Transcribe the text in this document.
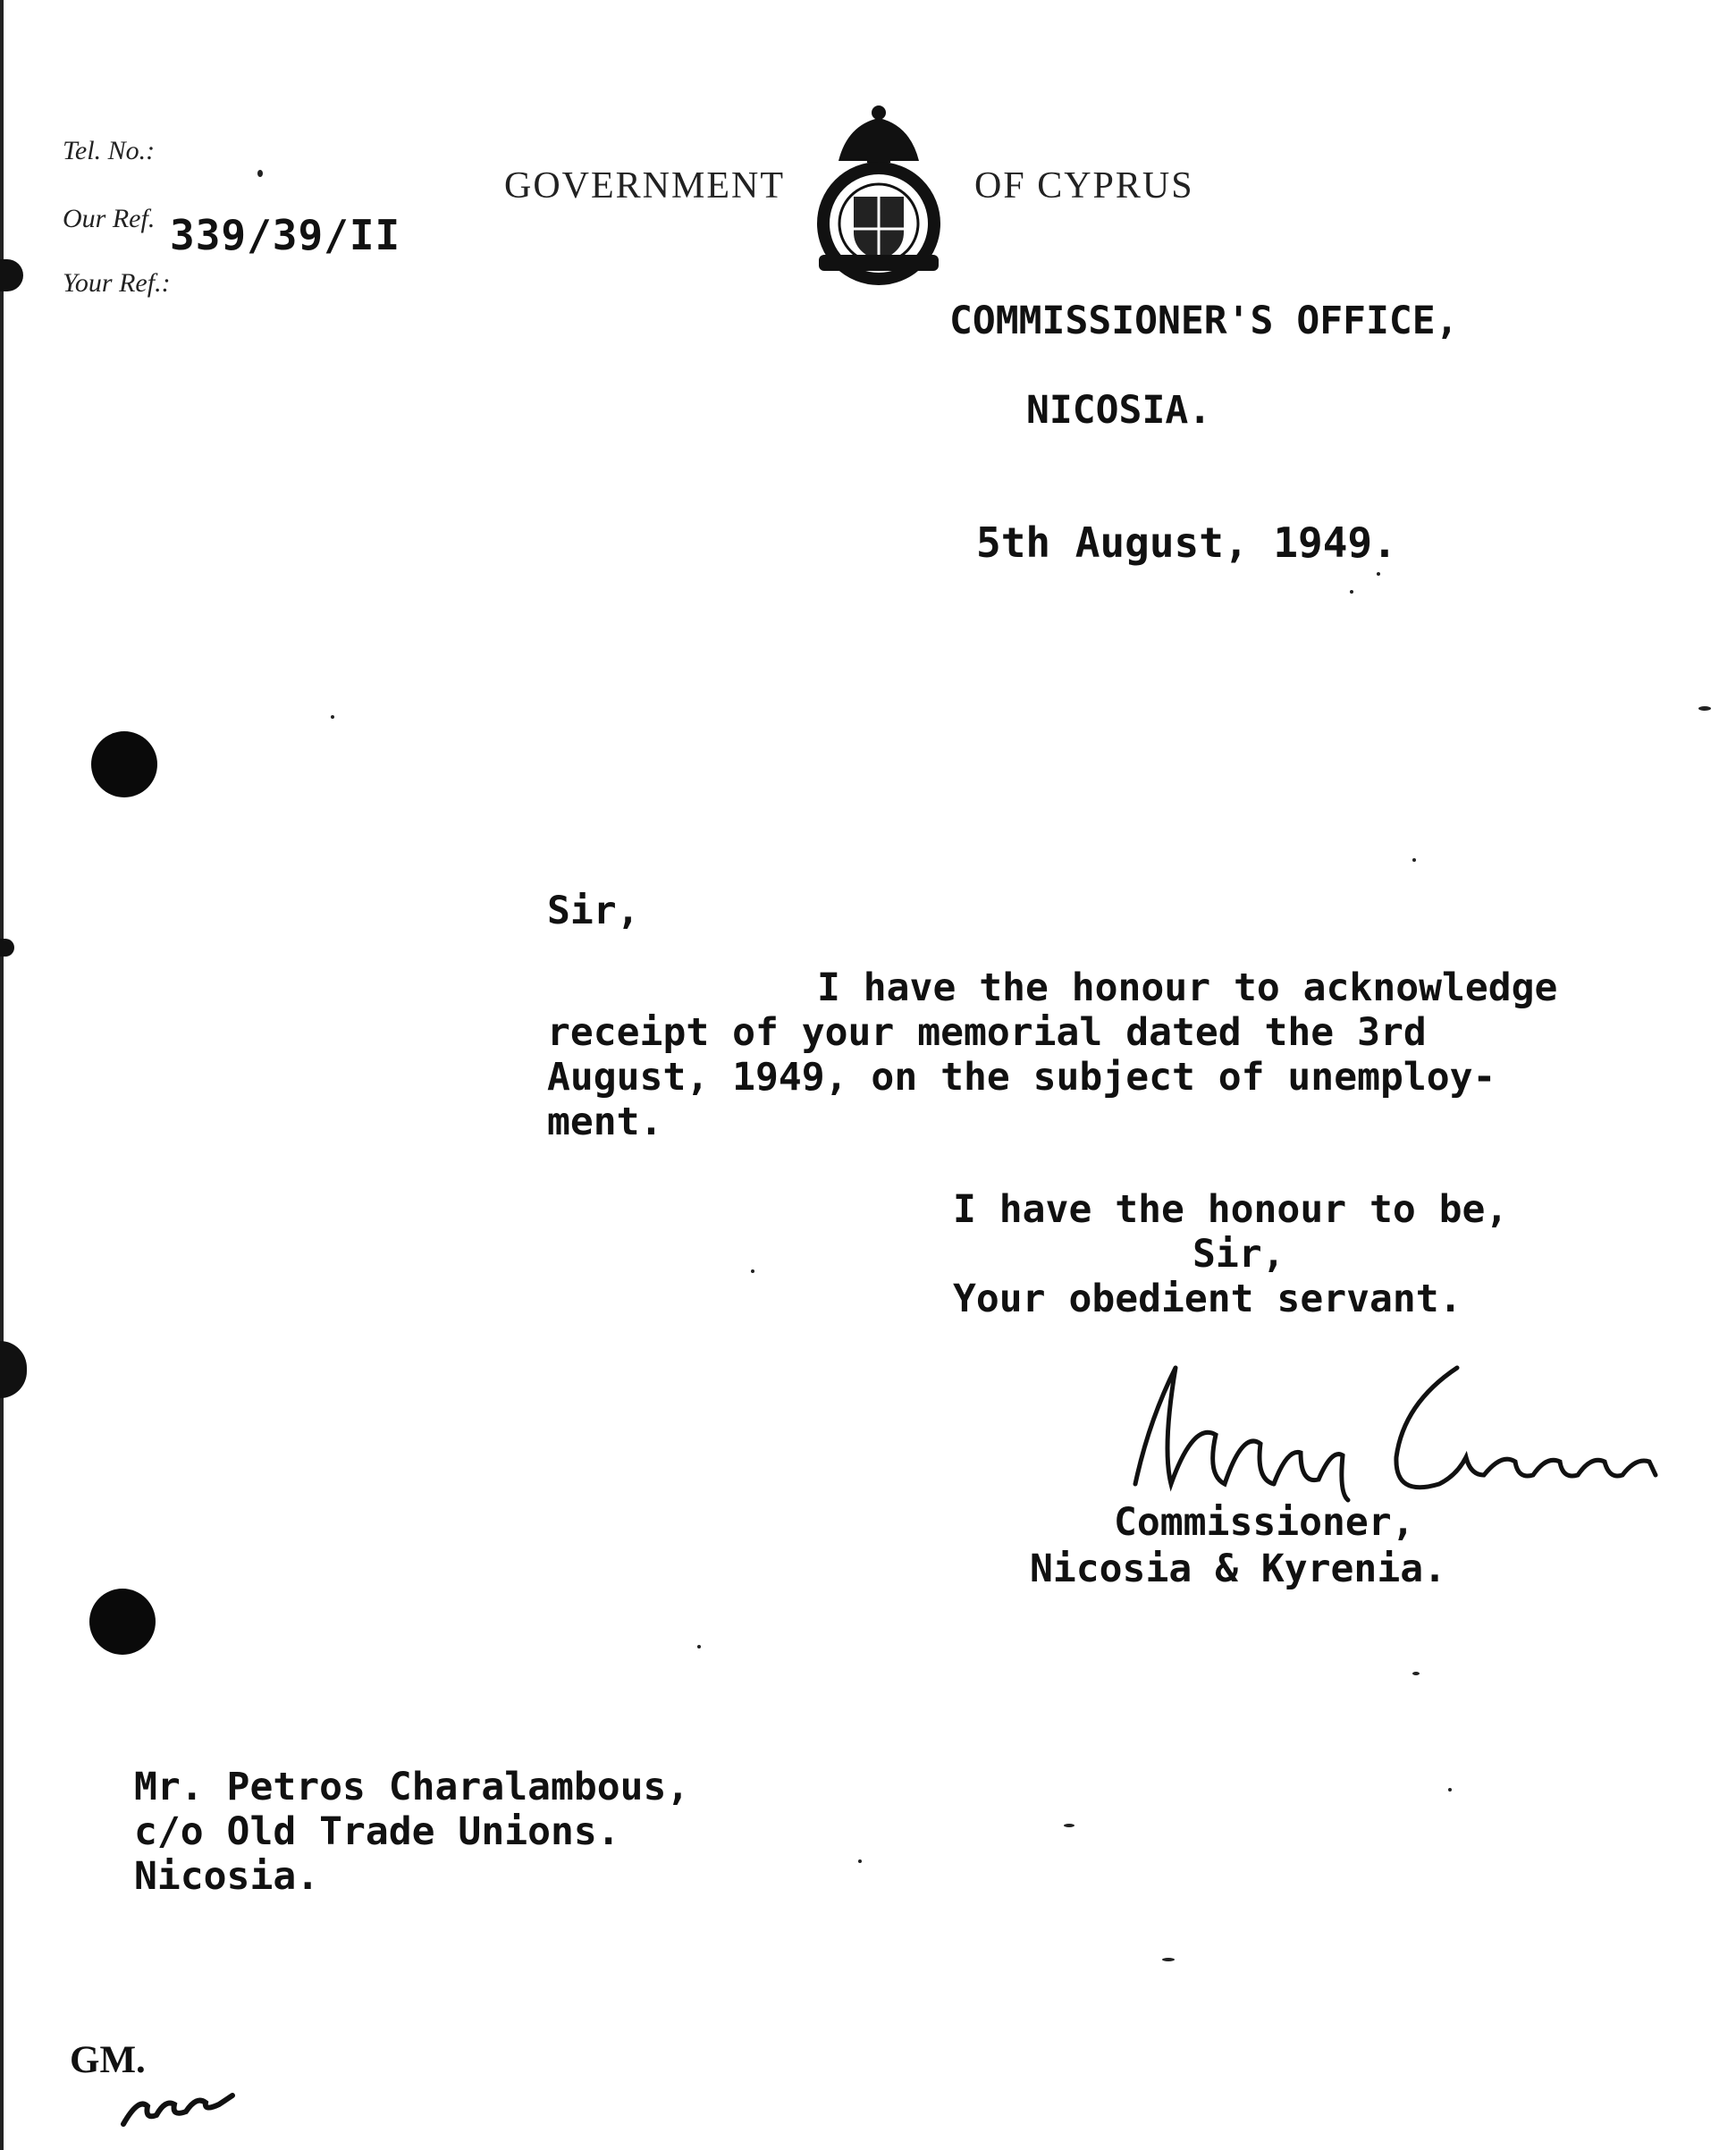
Tel. No.:
Our Ref. 339/39/II
Your Ref.:
GOVERNMENT	OF CYPRUS
COMMISSIONER'S OFFICE,
NICOSIA.
5th August, 1949.
Sir,
I have the honour to acknowledge
receipt of your memorial dated the 3rd
August, 1949, on the subject of unemploy-
ment.
I have the honour to be,
Sir,
Your obedient servant.
Commissioner,
Nicosia & Kyrenia.
Mr. Petros Charalambous,
c/o Old Trade Unions.
Nicosia.
GM.
